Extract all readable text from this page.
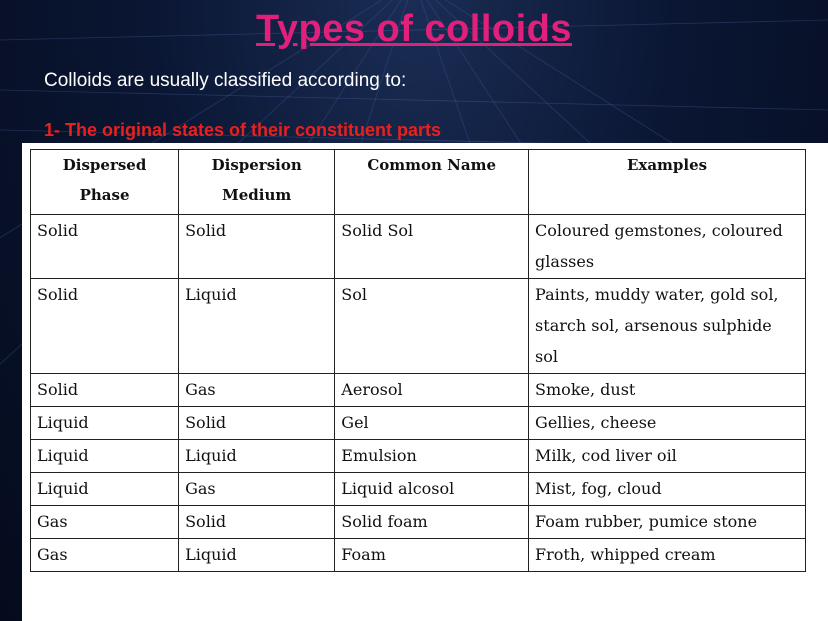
Types of colloids
Colloids are usually classified according to:
1- The original states of their constituent parts
Dispersed Phase	Dispersion Medium	Common Name	Examples
Solid	Solid	Solid Sol	Coloured gemstones, coloured glasses
Solid	Liquid	Sol	Paints, muddy water, gold sol, starch sol, arsenous sulphide sol
Solid	Gas	Aerosol	Smoke, dust
Liquid	Solid	Gel	Gellies, cheese
Liquid	Liquid	Emulsion	Milk, cod liver oil
Liquid	Gas	Liquid alcosol	Mist, fog, cloud
Gas	Solid	Solid foam	Foam rubber, pumice stone
Gas	Liquid	Foam	Froth, whipped cream
